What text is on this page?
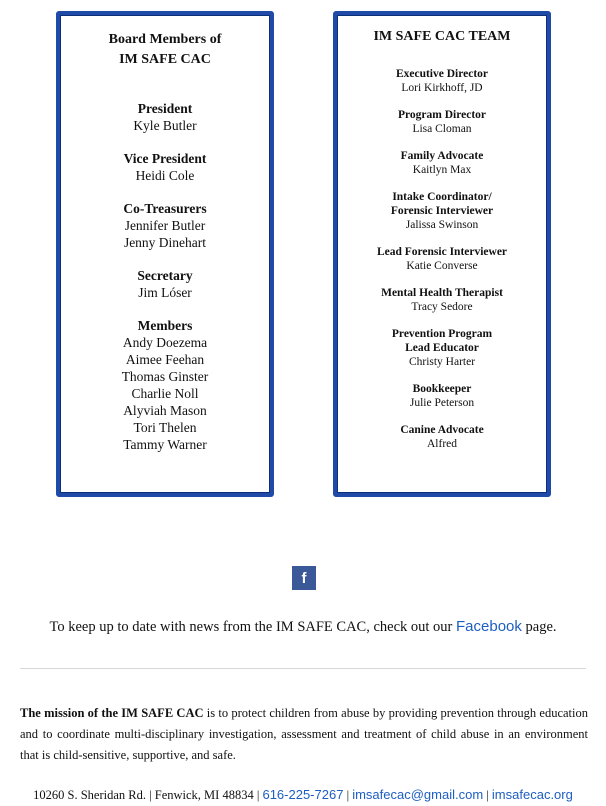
Board Members of
IM SAFE CAC
President
Kyle Butler
Vice President
Heidi Cole
Co-Treasurers
Jennifer Butler
Jenny Dinehart
Secretary
Jim Lóser
Members
Andy Doezema
Aimee Feehan
Thomas Ginster
Charlie Noll
Alyviah Mason
Tori Thelen
Tammy Warner
IM SAFE CAC TEAM
Executive Director
Lori Kirkhoff, JD
Program Director
Lisa Cloman
Family Advocate
Kaitlyn Max
Intake Coordinator/
Forensic Interviewer
Jalissa Swinson
Lead Forensic Interviewer
Katie Converse
Mental Health Therapist
Tracy Sedore
Prevention Program
Lead Educator
Christy Harter
Bookkeeper
Julie Peterson
Canine Advocate
Alfred
f
To keep up to date with news from the IM SAFE CAC, check out our Facebook page.
The mission of the IM SAFE CAC is to protect children from abuse by providing prevention through education and to coordinate multi-disciplinary investigation, assessment and treatment of child abuse in an environment that is child-sensitive, supportive, and safe.
10260 S. Sheridan Rd. | Fenwick, MI 48834 | 616-225-7267 | imsafecac@gmail.com | imsafecac.org
